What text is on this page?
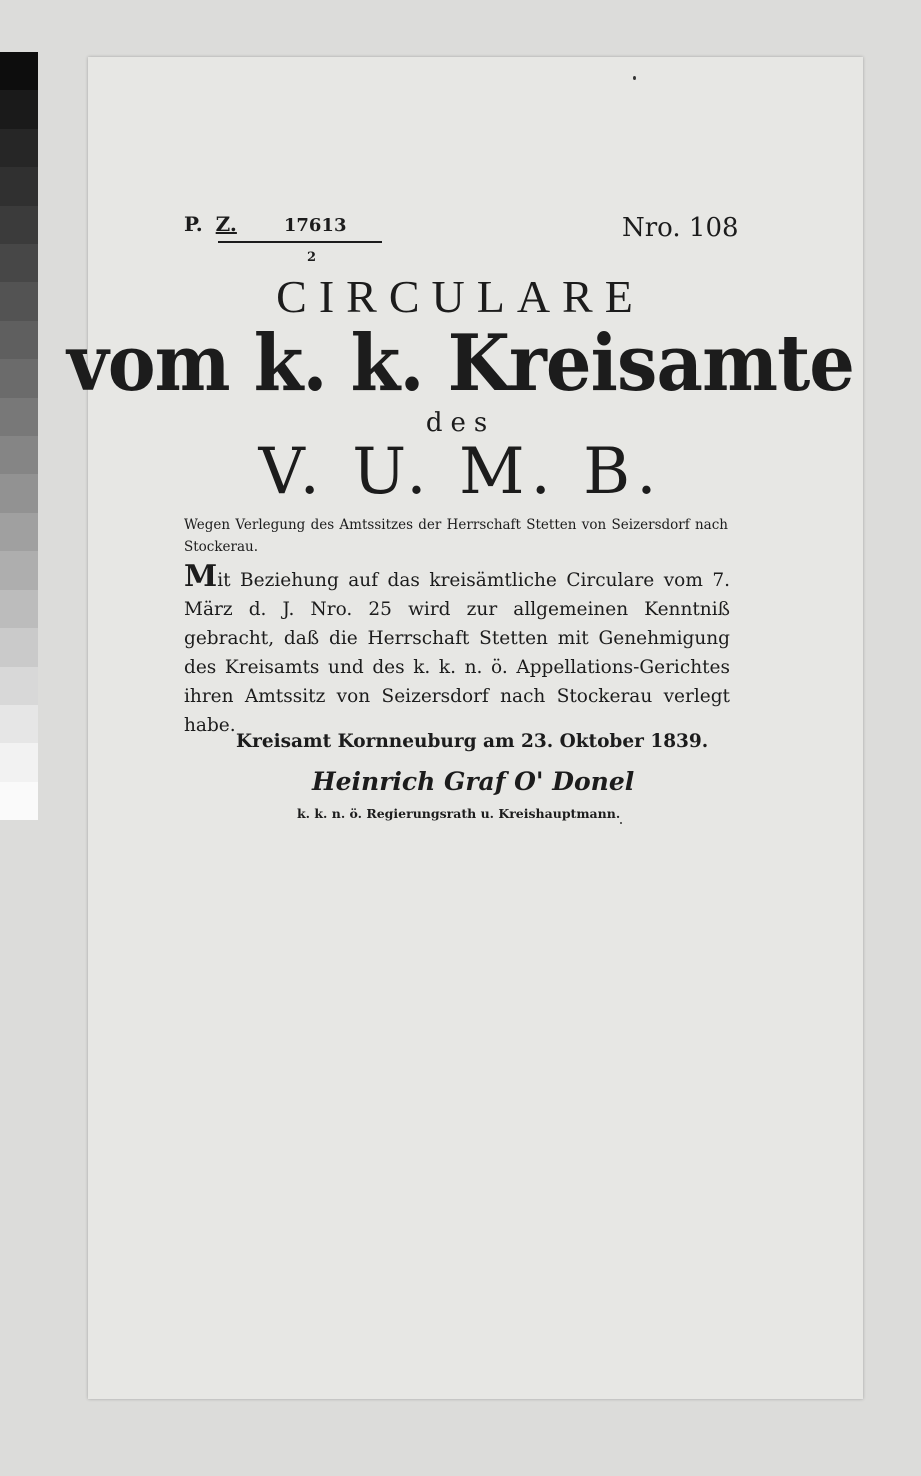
P. Z.	17613
2
Nro. 108
CIRCULARE
vom k. k. Kreisamte
des
V. U. M. B.
Wegen Verlegung des Amtssitzes der Herrschaft Stetten von Seizersdorf nach Stockerau.
Mit Beziehung auf das kreisämtliche Circulare vom 7. März d. J. Nro. 25 wird zur allgemeinen Kenntniß gebracht, daß die Herrschaft Stetten mit Genehmigung des Kreisamts und des k. k. n. ö. Appellations-Gerichtes ihren Amtssitz von Seizersdorf nach Stockerau verlegt habe.
Kreisamt Kornneuburg am 23. Oktober 1839.
Heinrich Graf O' Donel
k. k. n. ö. Regierungsrath u. Kreishauptmann.
